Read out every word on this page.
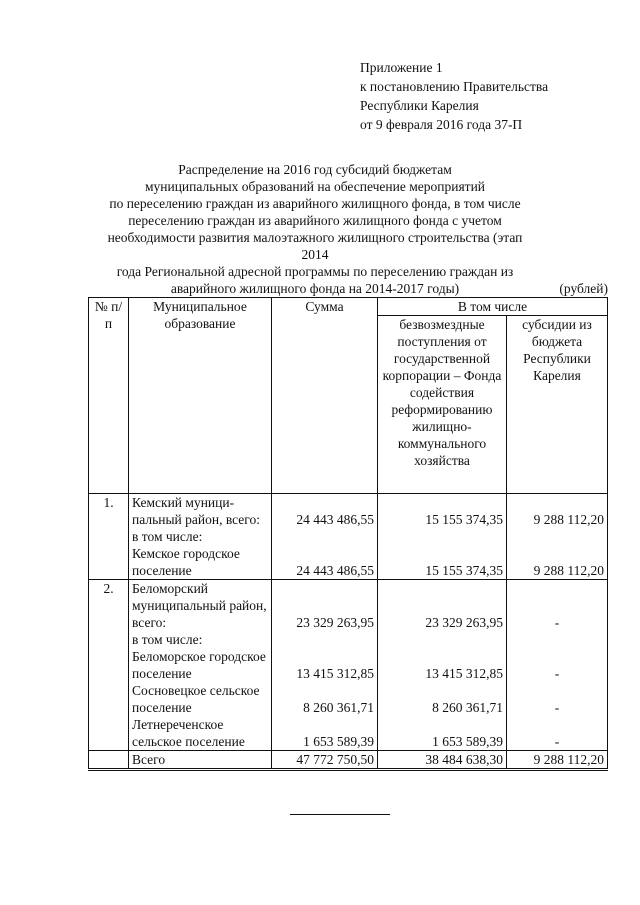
Приложение 1
к постановлению Правительства
Республики Карелия
от 9 февраля 2016 года 37-П
Распределение на 2016 год субсидий бюджетам
муниципальных образований на обеспечение мероприятий
по переселению граждан из аварийного жилищного фонда, в том числе
переселению граждан из аварийного жилищного фонда с учетом
необходимости развития малоэтажного жилищного строительства (этап 2014
года Региональной адресной программы по переселению граждан из
аварийного жилищного фонда на 2014-2017 годы)	(рублей)
№ п/п	Муниципальное образование	Сумма	В том числе	
			безвозмездные поступления от государственной корпорации – Фонда содействия реформированию жилищно-коммунального хозяйства	субсидии из бюджета Республики Карелия
1.	Кемский муници-пальный район, всего:	24 443 486,55	15 155 374,35	9 288 112,20
	в том числе:			
	Кемское городское поселение	24 443 486,55	15 155 374,35	9 288 112,20
2.	Беломорский муниципальный район, всего:	23 329 263,95	23 329 263,95	-
	в том числе:			
	Беломорское городское поселение	13 415 312,85	13 415 312,85	-
	Сосновецкое сельское поселение	8 260 361,71	8 260 361,71	-
	Летнереченское сельское поселение	1 653 589,39	1 653 589,39	-
	Всего	47 772 750,50	38 484 638,30	9 288 112,20
